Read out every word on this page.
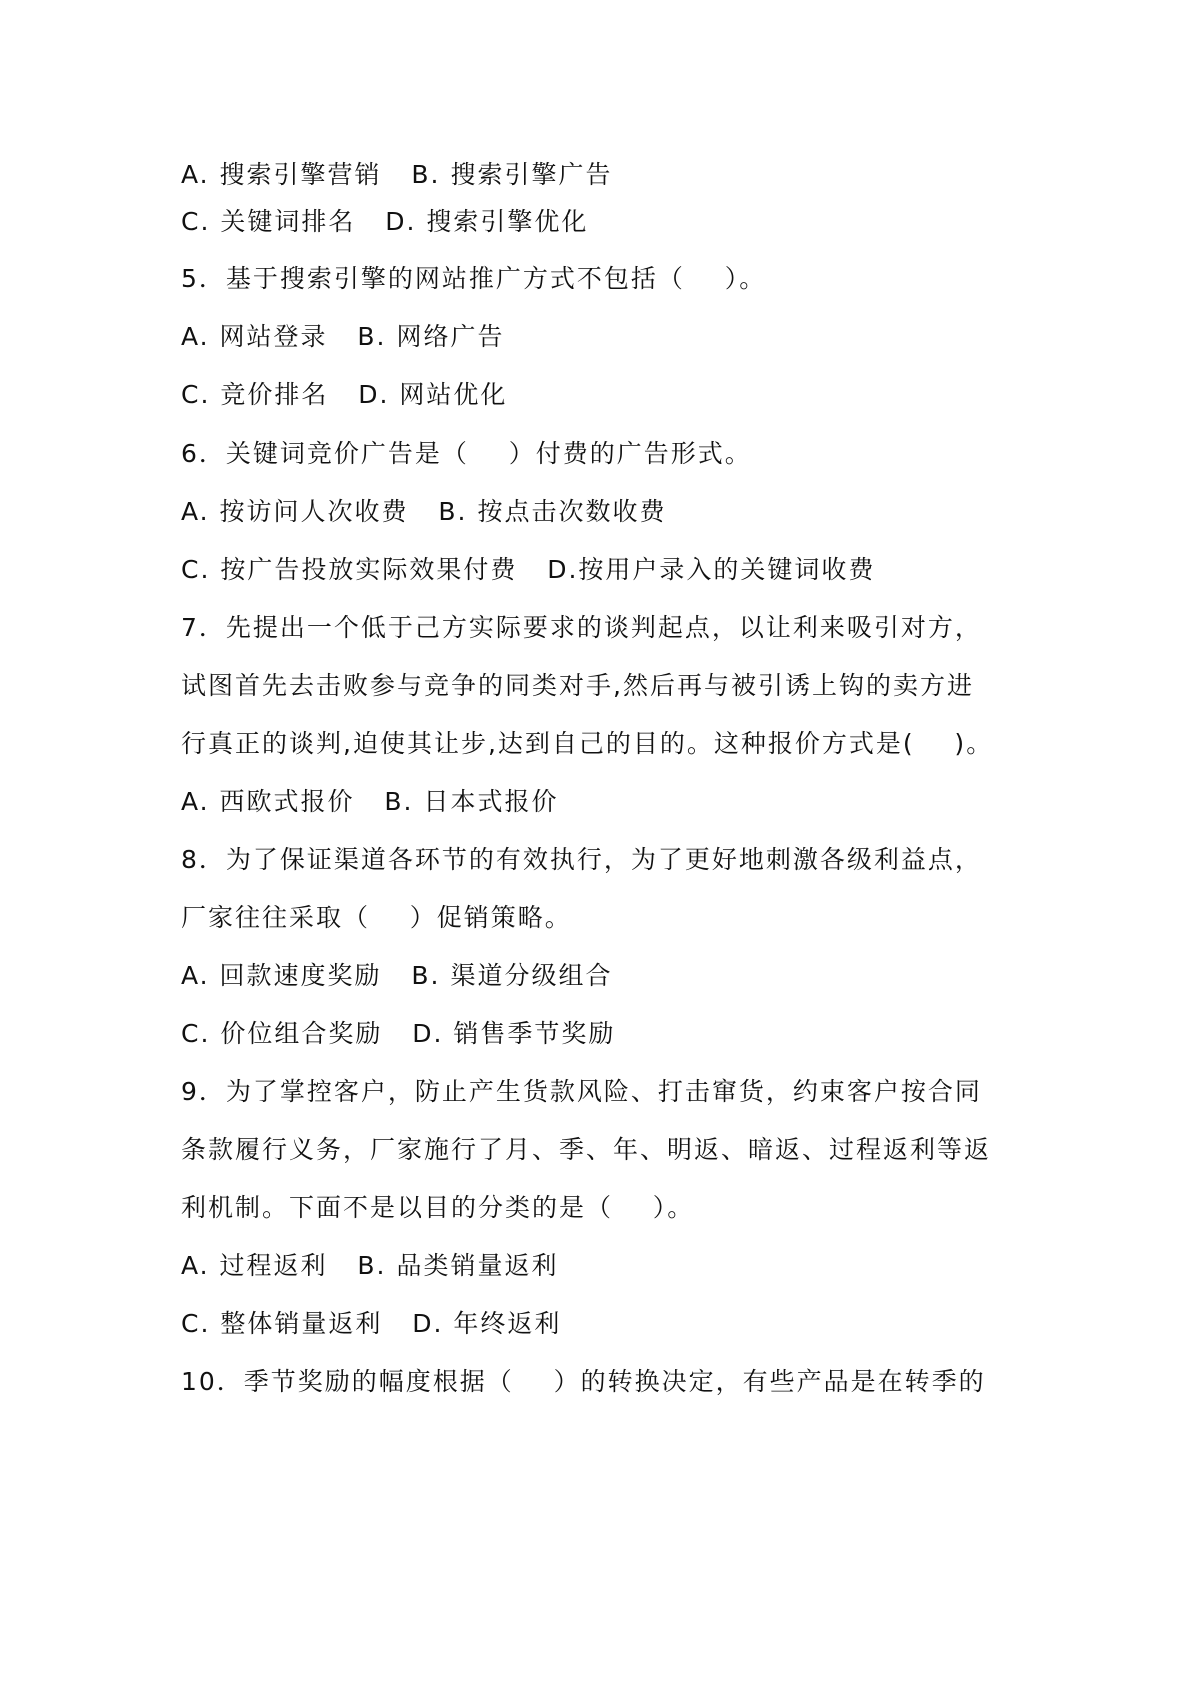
A. 搜索引擎营销   B. 搜索引擎广告
C. 关键词排名   D. 搜索引擎优化
5．基于搜索引擎的网站推广方式不包括（    ）。
A. 网站登录   B. 网络广告
C. 竞价排名   D. 网站优化
6．关键词竞价广告是（    ）付费的广告形式。
A. 按访问人次收费   B. 按点击次数收费
C. 按广告投放实际效果付费   D.按用户录入的关键词收费
7．先提出一个低于己方实际要求的谈判起点，以让利来吸引对方，
试图首先去击败参与竞争的同类对手,然后再与被引诱上钩的卖方进
行真正的谈判,迫使其让步,达到自己的目的。这种报价方式是(    )。
A. 西欧式报价   B. 日本式报价
8．为了保证渠道各环节的有效执行，为了更好地刺激各级利益点，
厂家往往采取（    ）促销策略。
A. 回款速度奖励   B. 渠道分级组合
C. 价位组合奖励   D. 销售季节奖励
9．为了掌控客户，防止产生货款风险、打击窜货，约束客户按合同
条款履行义务，厂家施行了月、季、年、明返、暗返、过程返利等返
利机制。下面不是以目的分类的是（    ）。
A. 过程返利   B. 品类销量返利
C. 整体销量返利   D. 年终返利
10．季节奖励的幅度根据（    ）的转换决定，有些产品是在转季的
